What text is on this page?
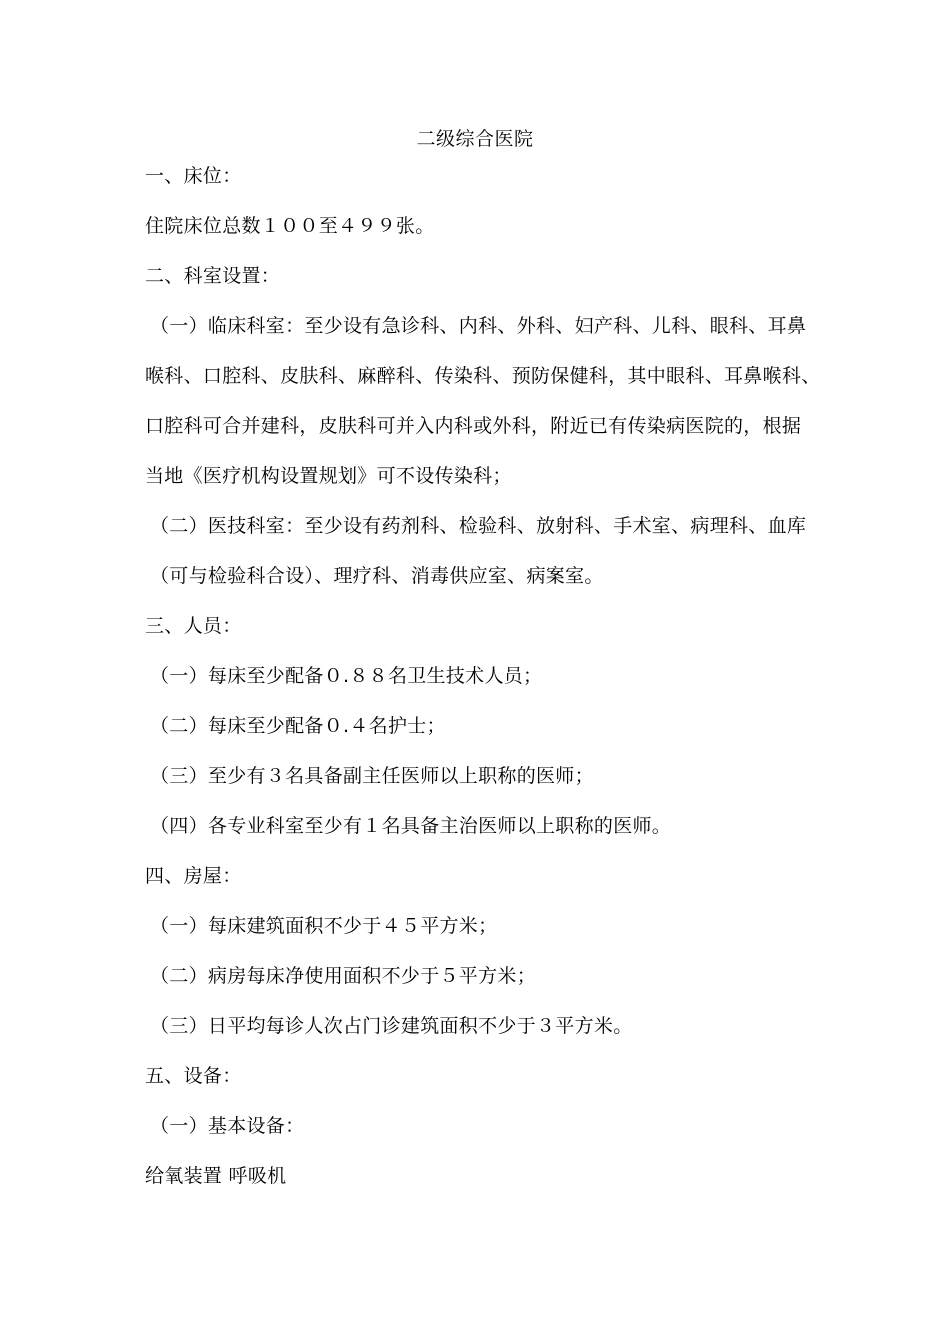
二级综合医院
一、床位：
住院床位总数１００至４９９张。
二、科室设置：
（一）临床科室：至少设有急诊科、内科、外科、妇产科、儿科、眼科、耳鼻
喉科、口腔科、皮肤科、麻醉科、传染科、预防保健科，其中眼科、耳鼻喉科、
口腔科可合并建科，皮肤科可并入内科或外科，附近已有传染病医院的，根据
当地《医疗机构设置规划》可不设传染科；
（二）医技科室：至少设有药剂科、检验科、放射科、手术室、病理科、血库
（可与检验科合设）、理疗科、消毒供应室、病案室。
三、人员：
（一）每床至少配备０.８８名卫生技术人员；
（二）每床至少配备０.４名护士；
（三）至少有３名具备副主任医师以上职称的医师；
（四）各专业科室至少有１名具备主治医师以上职称的医师。
四、房屋：
（一）每床建筑面积不少于４５平方米；
（二）病房每床净使用面积不少于５平方米；
（三）日平均每诊人次占门诊建筑面积不少于３平方米。
五、设备：
（一）基本设备：
给氧装置 呼吸机
